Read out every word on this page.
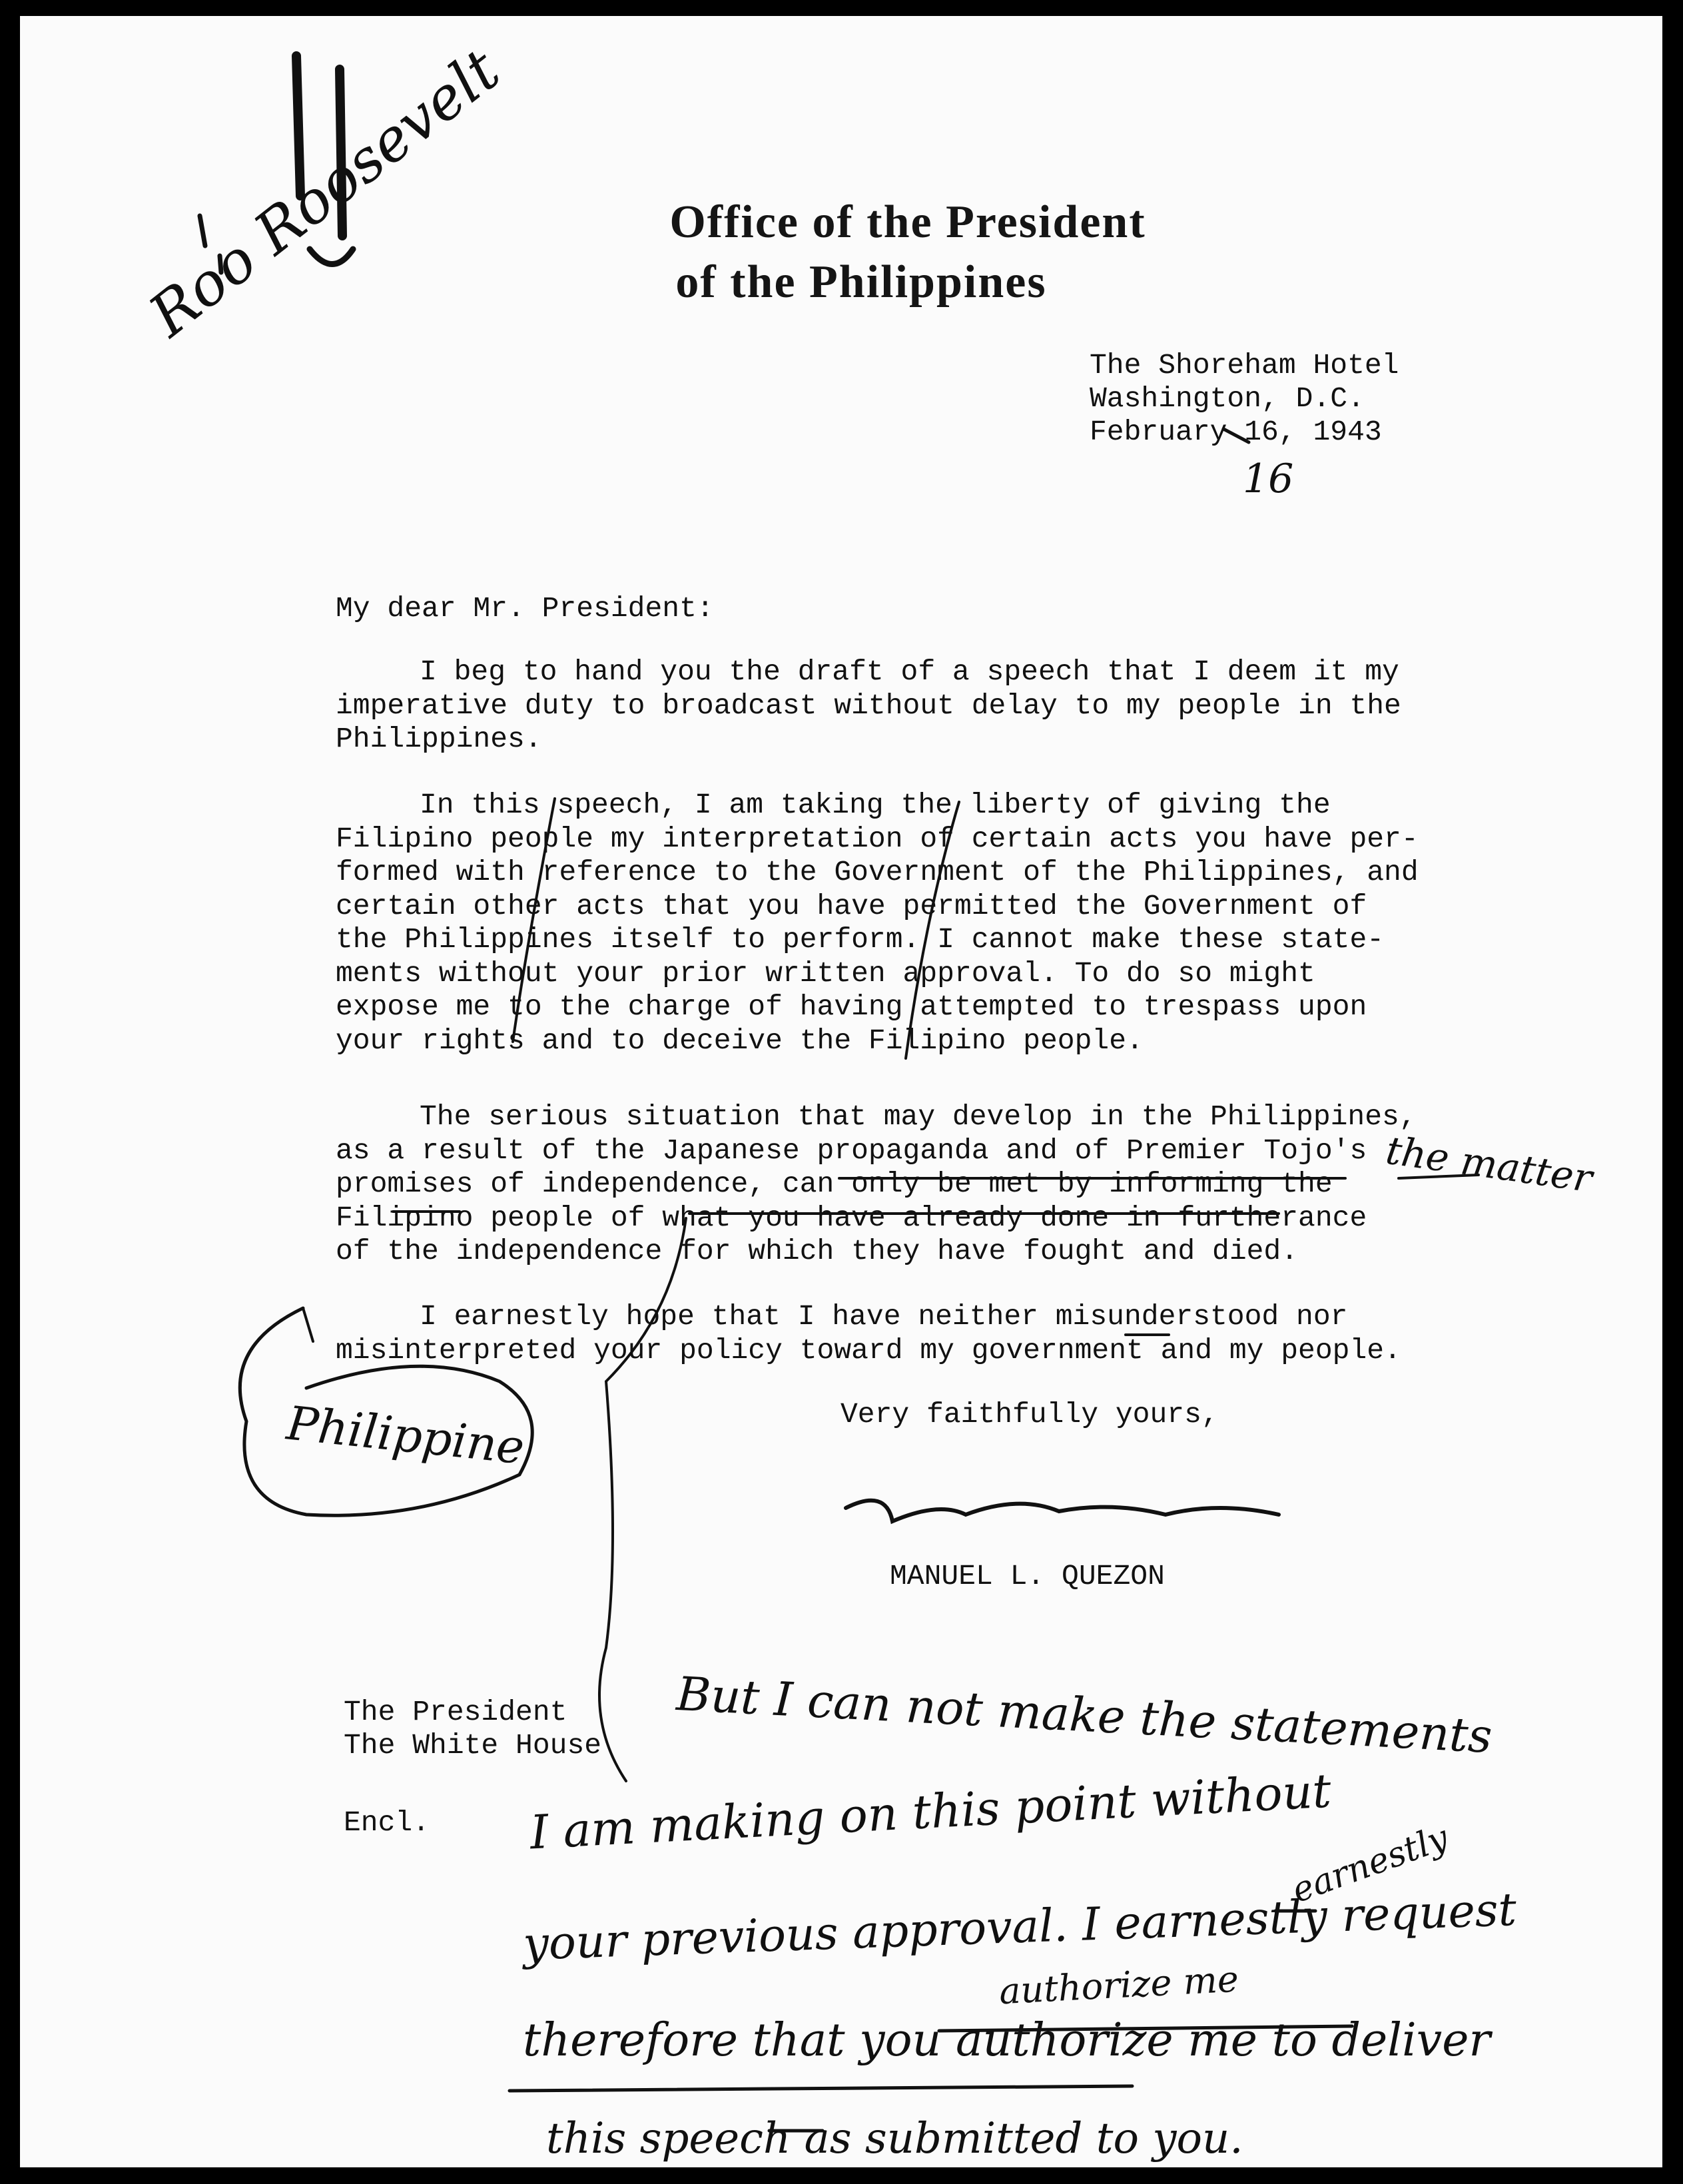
Office of the President
of the Philippines
The Shoreham Hotel
Washington, D.C.
February 16, 1943
16
My dear Mr. President:
I beg to hand you the draft of a speech that I deem it my
imperative duty to broadcast without delay to my people in the
Philippines.
In this speech, I am taking the liberty of giving the
Filipino people my interpretation of certain acts you have per-
formed with reference to the Government of the Philippines, and
certain other acts that you have permitted the Government of
the Philippines itself to perform. I cannot make these state-
ments without your prior written approval. To do so might
expose me to the charge of having attempted to trespass upon
your rights and to deceive the Filipino people.
The serious situation that may develop in the Philippines,
as a result of the Japanese propaganda and of Premier Tojo's
promises of independence, can only be met by informing the
Filipino people of what you have already done in furtherance
of the independence for which they have fought and died.
I earnestly hope that I have neither misunderstood nor
misinterpreted your policy toward my government and my people.
Very faithfully yours,
MANUEL L. QUEZON
The President
The White House
Encl.
Roo Roosevelt
the matter
Philippine
But I can not make the statements
I am making on this point without
your previous approval. I earnestly request
earnestly
therefore that you authorize me to deliver
authorize me
this speech as submitted to you.
